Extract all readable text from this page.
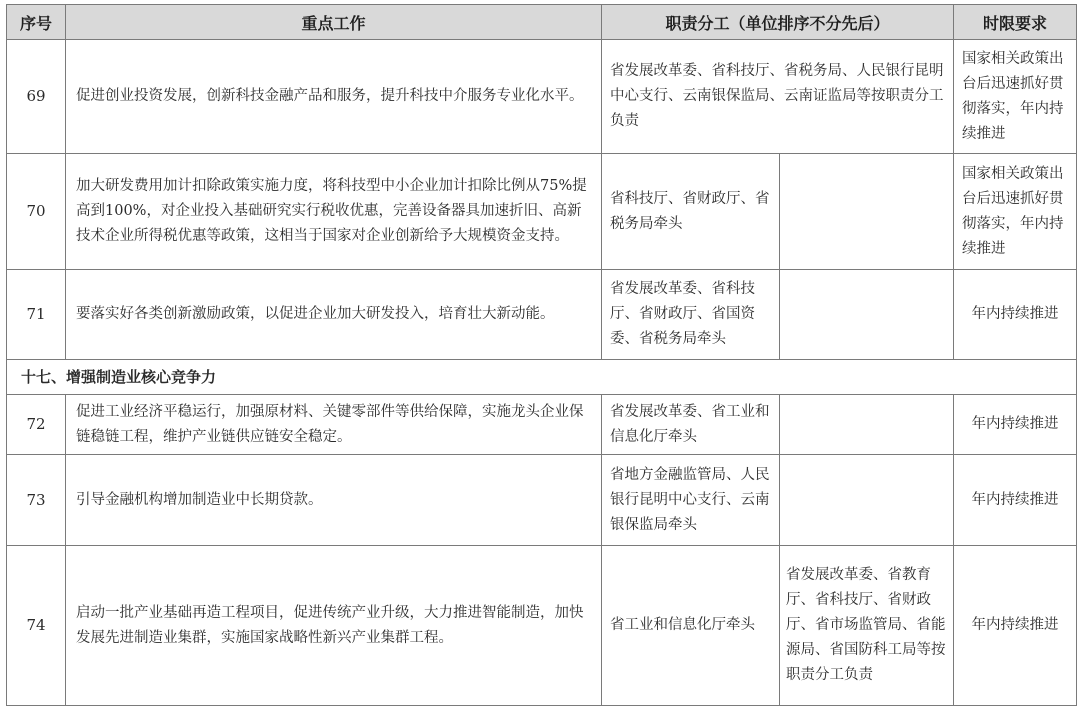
序号	重点工作	职责分工（单位排序不分先后）		时限要求
69	促进创业投资发展，创新科技金融产品和服务，提升科技中介服务专业化水平。	省发展改革委、省科技厅、省税务局、人民银行昆明中心支行、云南银保监局、云南证监局等按职责分工负责		国家相关政策出台后迅速抓好贯彻落实，年内持续推进
70	加大研发费用加计扣除政策实施力度，将科技型中小企业加计扣除比例从75%提高到100%，对企业投入基础研究实行税收优惠，完善设备器具加速折旧、高新技术企业所得税优惠等政策，这相当于国家对企业创新给予大规模资金支持。	省科技厅、省财政厅、省税务局牵头		国家相关政策出台后迅速抓好贯彻落实，年内持续推进
71	要落实好各类创新激励政策，以促进企业加大研发投入，培育壮大新动能。	省发展改革委、省科技厅、省财政厅、省国资委、省税务局牵头		年内持续推进
十七、增强制造业核心竞争力				
72	促进工业经济平稳运行，加强原材料、关键零部件等供给保障，实施龙头企业保链稳链工程，维护产业链供应链安全稳定。	省发展改革委、省工业和信息化厅牵头		年内持续推进
73	引导金融机构增加制造业中长期贷款。	省地方金融监管局、人民银行昆明中心支行、云南银保监局牵头		年内持续推进
74	启动一批产业基础再造工程项目，促进传统产业升级，大力推进智能制造，加快发展先进制造业集群，实施国家战略性新兴产业集群工程。	省工业和信息化厅牵头	省发展改革委、省教育厅、省科技厅、省财政厅、省市场监管局、省能源局、省国防科工局等按职责分工负责	年内持续推进
